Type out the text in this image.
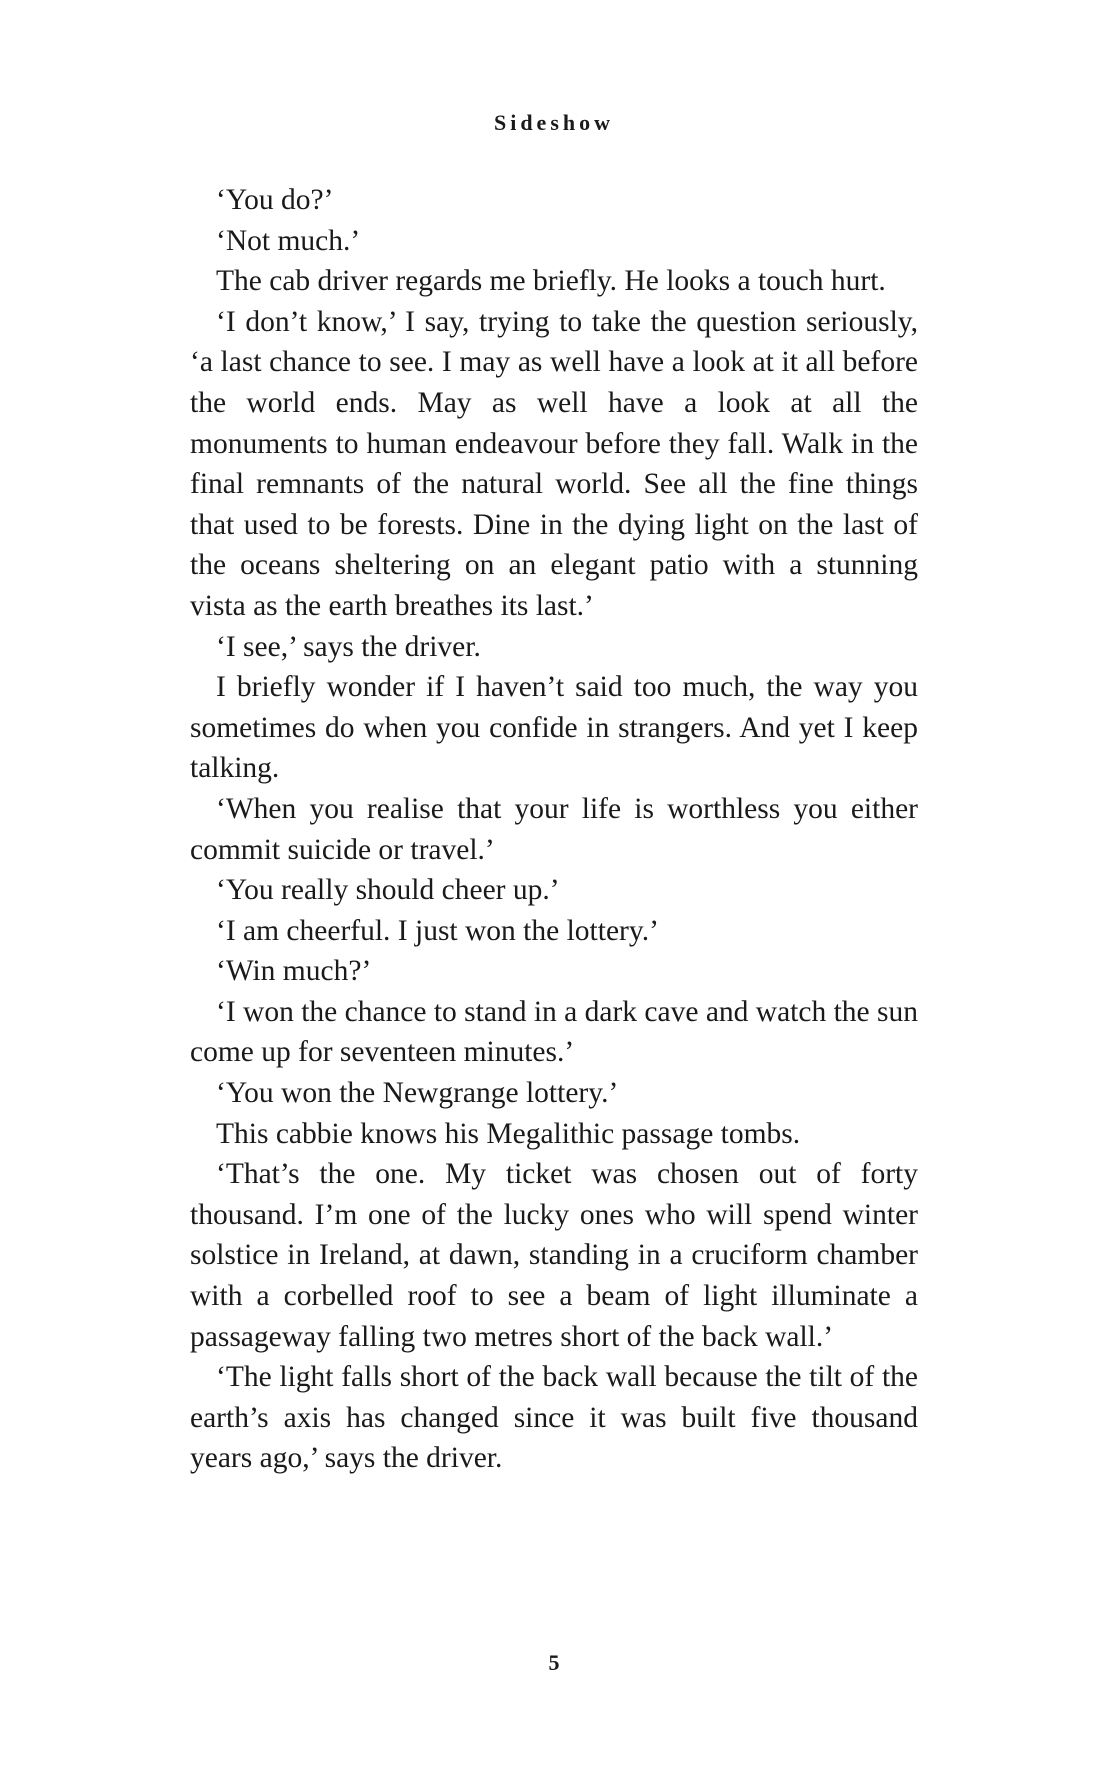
Sideshow

‘You do?’

‘Not much.’

The cab driver regards me briefly. He looks a touch hurt.

‘I don’t know,’ I say, trying to take the question seriously, ‘a last chance to see. I may as well have a look at it all before the world ends. May as well have a look at all the monuments to human endeavour before they fall. Walk in the final remnants of the natural world. See all the fine things that used to be forests. Dine in the dying light on the last of the oceans sheltering on an elegant patio with a stunning vista as the earth breathes its last.’

‘I see,’ says the driver.

I briefly wonder if I haven’t said too much, the way you sometimes do when you confide in strangers. And yet I keep talking.

‘When you realise that your life is worthless you either commit suicide or travel.’

‘You really should cheer up.’

‘I am cheerful. I just won the lottery.’

‘Win much?’

‘I won the chance to stand in a dark cave and watch the sun come up for seventeen minutes.’

‘You won the Newgrange lottery.’

This cabbie knows his Megalithic passage tombs.

‘That’s the one. My ticket was chosen out of forty thousand. I’m one of the lucky ones who will spend winter solstice in Ireland, at dawn, standing in a cruciform chamber with a corbelled roof to see a beam of light illuminate a passageway falling two metres short of the back wall.’

‘The light falls short of the back wall because the tilt of the earth’s axis has changed since it was built five thousand years ago,’ says the driver.

5
